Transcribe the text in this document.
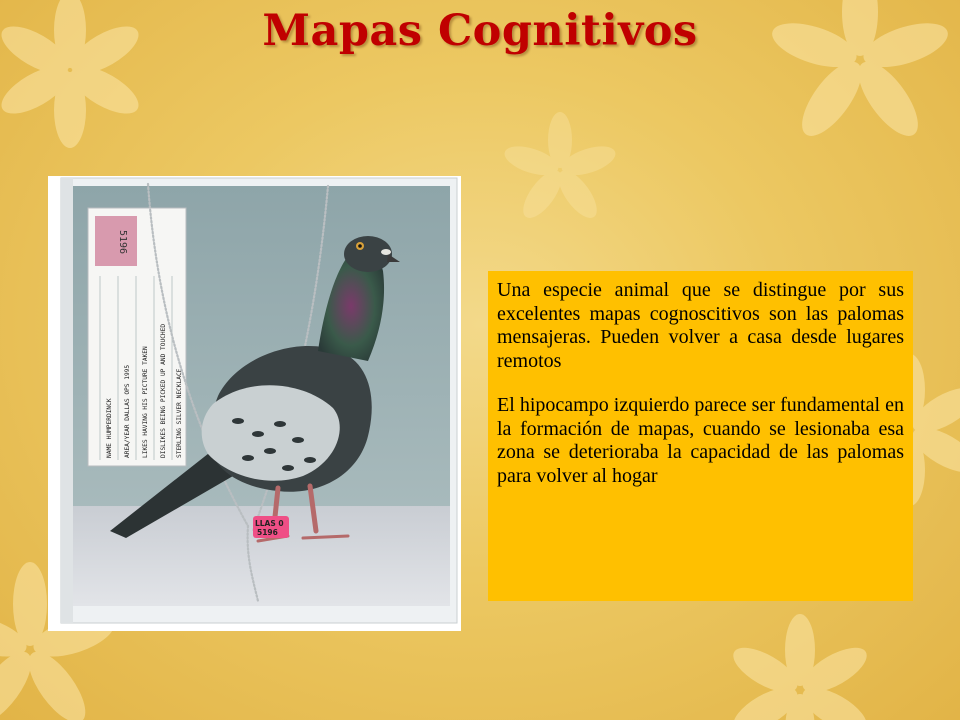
Mapas Cognitivos
5196
NAME HUMPERDINCK AREA/YEAR DALLAS OPS 1995 LIKES HAVING HIS PICTURE TAKEN DISLIKES BEING PICKED UP AND TOUCHED STERLING SILVER NECKLACE
LLAS 0
5196

Una especie animal que se distingue por sus excelentes mapas cognoscitivos son las palomas mensajeras. Pueden volver a casa desde lugares remotos

El hipocampo izquierdo parece ser fundamental en la formación de mapas, cuando se lesionaba esa zona se deterioraba la capacidad de las palomas para volver al hogar
